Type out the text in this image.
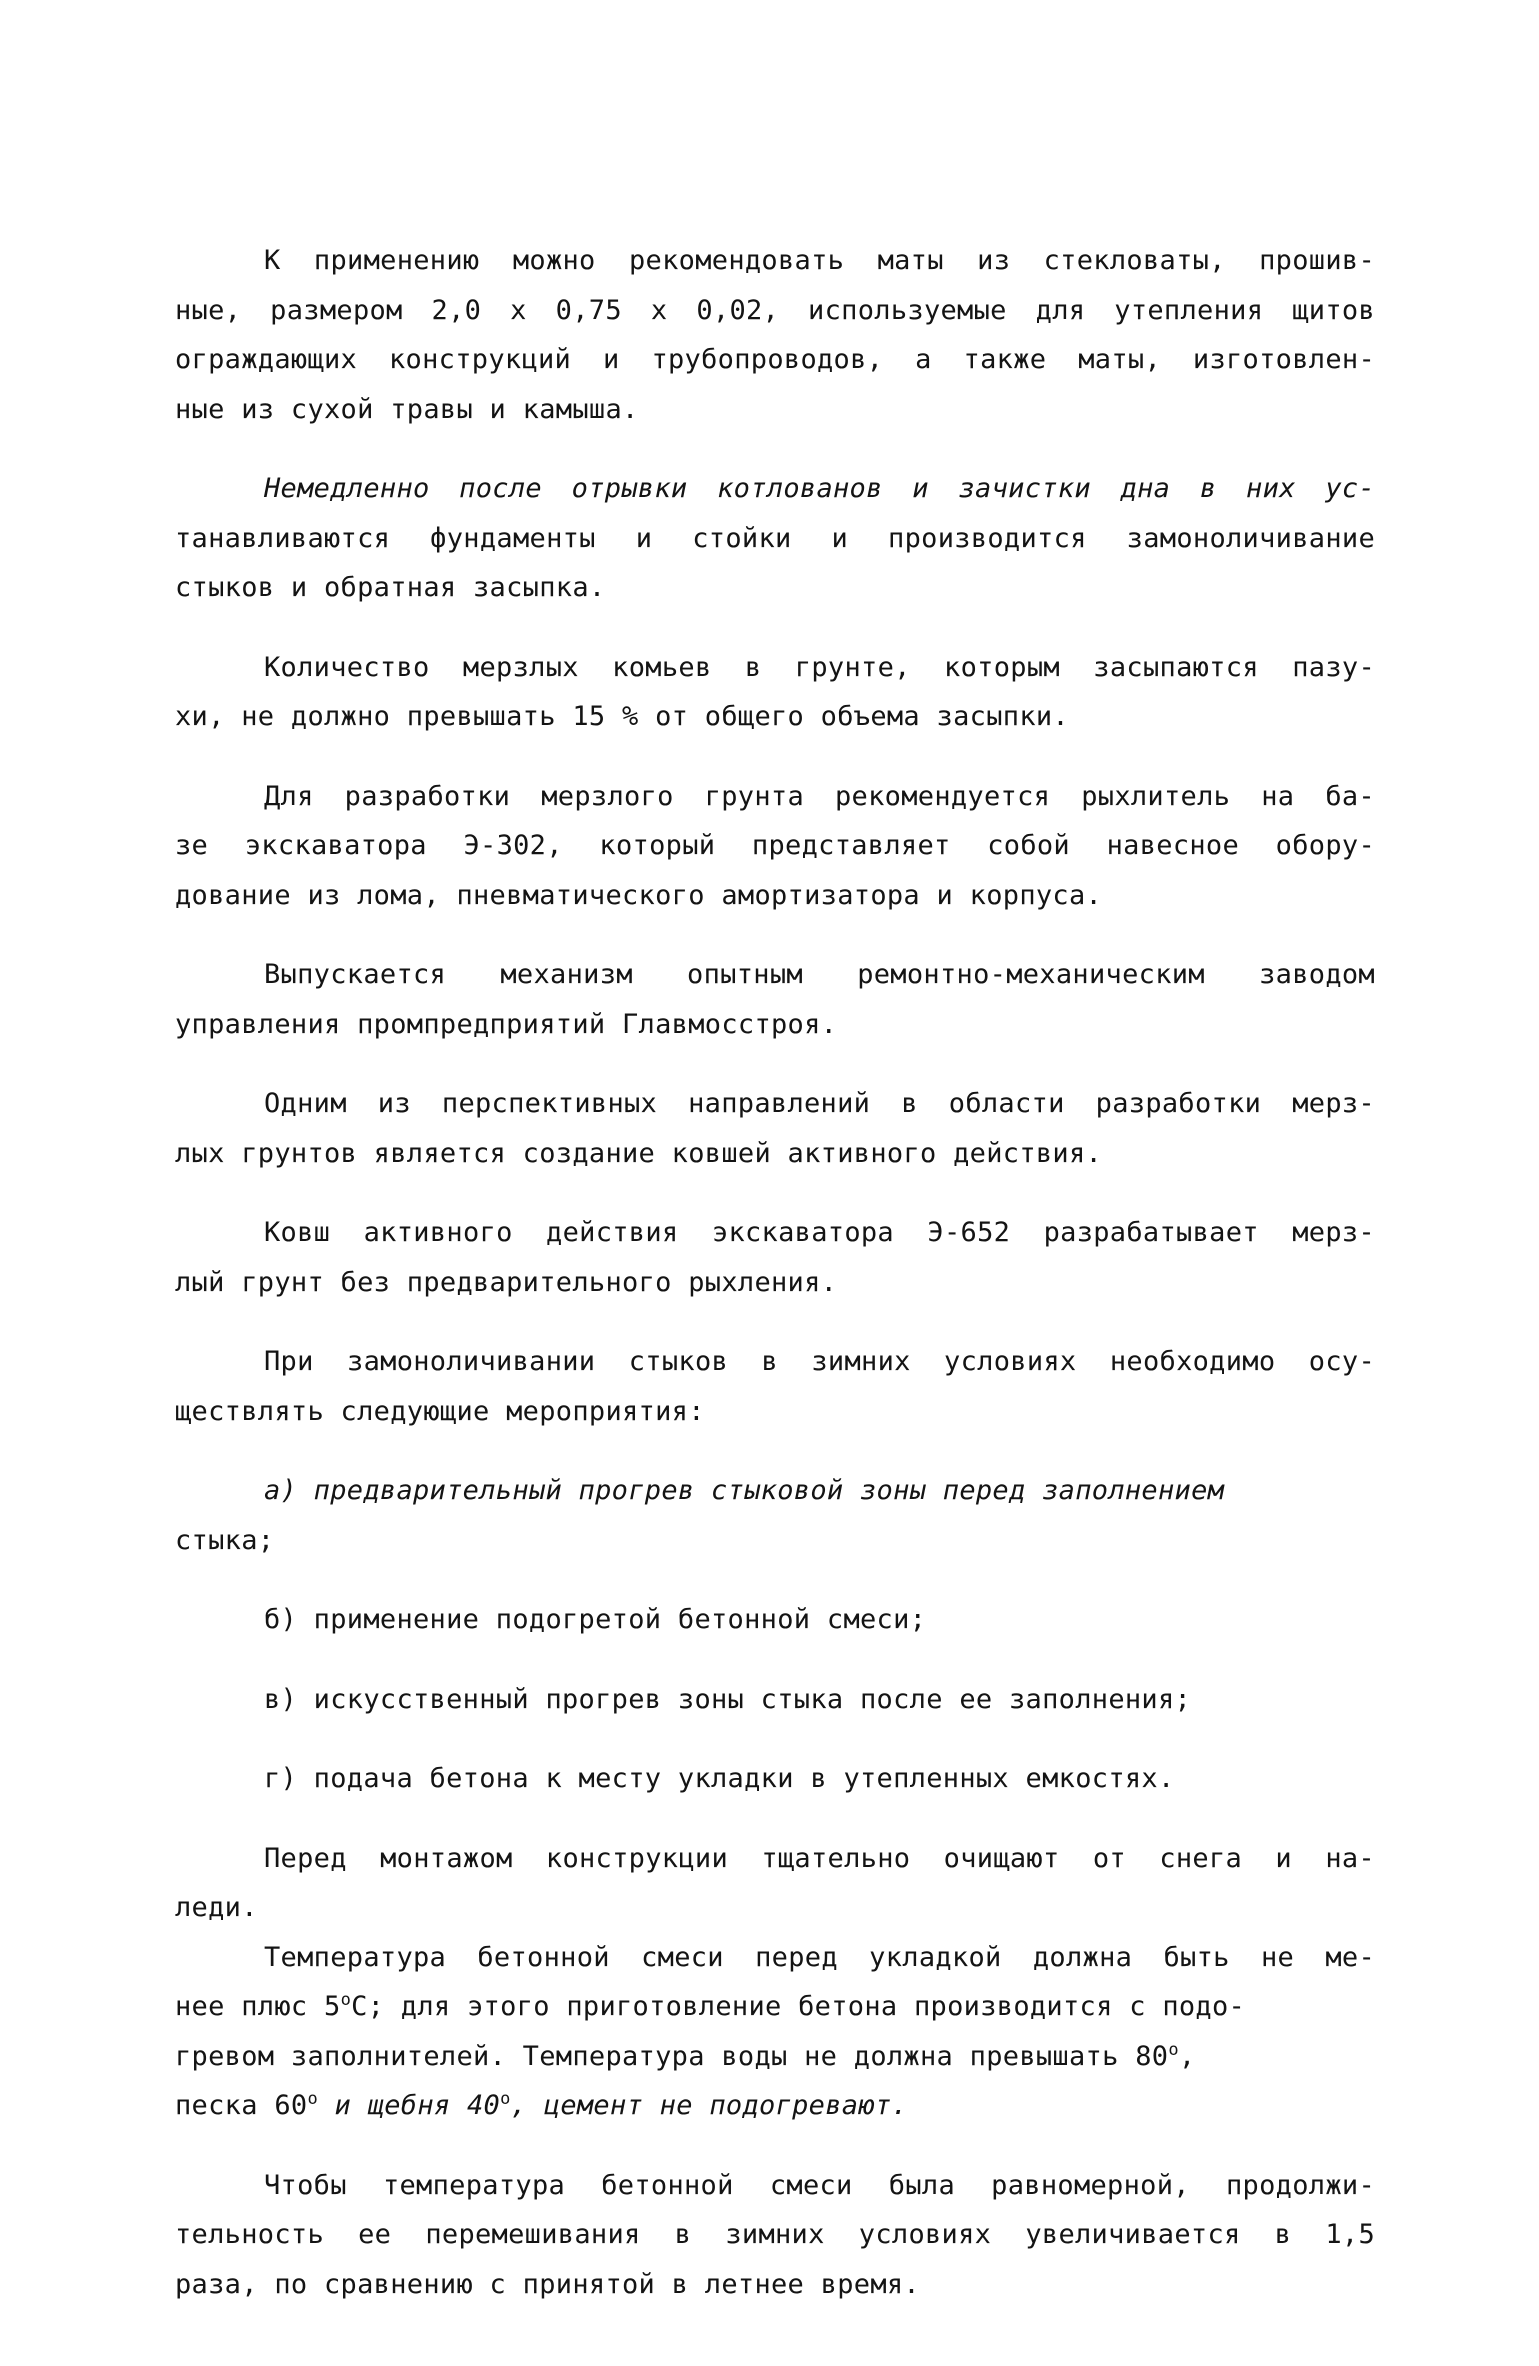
К применению можно рекомендовать маты из стекловаты, прошив-
ные, размером 2,0 х 0,75 х 0,02, используемые для утепления щитов
ограждающих конструкций и трубопроводов, а также маты, изготовлен-
ные из сухой травы и камыша.
Немедленно после отрывки котлованов и зачистки дна в них ус-
танавливаются фундаменты и стойки и производится замоноличивание
стыков и обратная засыпка.
Количество мерзлых комьев в грунте, которым засыпаются пазу-
хи, не должно превышать 15 % от общего объема засыпки.
Для разработки мерзлого грунта рекомендуется рыхлитель на ба-
зе экскаватора Э-302, который представляет собой навесное обору-
дование из ломa, пневматического амортизатора и корпуса.
Выпускается механизм опытным ремонтно-механическим заводом
управления промпредприятий Главмосстроя.
Одним из перспективных направлений в области разработки мерз-
лых грунтов является создание ковшей активного действия.
Ковш активного действия экскаватора Э-652 разрабатывает мерз-
лый грунт без предварительного рыхления.
При замоноличивании стыков в зимних условиях необходимо осу-
ществлять следующие мероприятия:
а) предварительный прогрев стыковой зоны перед заполнением
стыка;
б) применение подогретой бетонной смеси;
в) искусственный прогрев зоны стыка после ее заполнения;
г) подача бетона к месту укладки в утепленных емкостях.
Перед монтажом конструкции тщательно очищают от снега и на-
леди.
Температура бетонной смеси перед укладкой должна быть не ме-
нее плюс $5^оС$; для этого приготовление бетона производится с подо-
гревом заполнителей. Температура воды не должна превышать $80^о$,
песка $60^о$ и щебня $40^о$, цемент не подогревают.
Чтобы температура бетонной смеси была равномерной, продолжи-
тельность ее перемешивания в зимних условиях увеличивается в 1,5
раза, по сравнению с принятой в летнее время.
